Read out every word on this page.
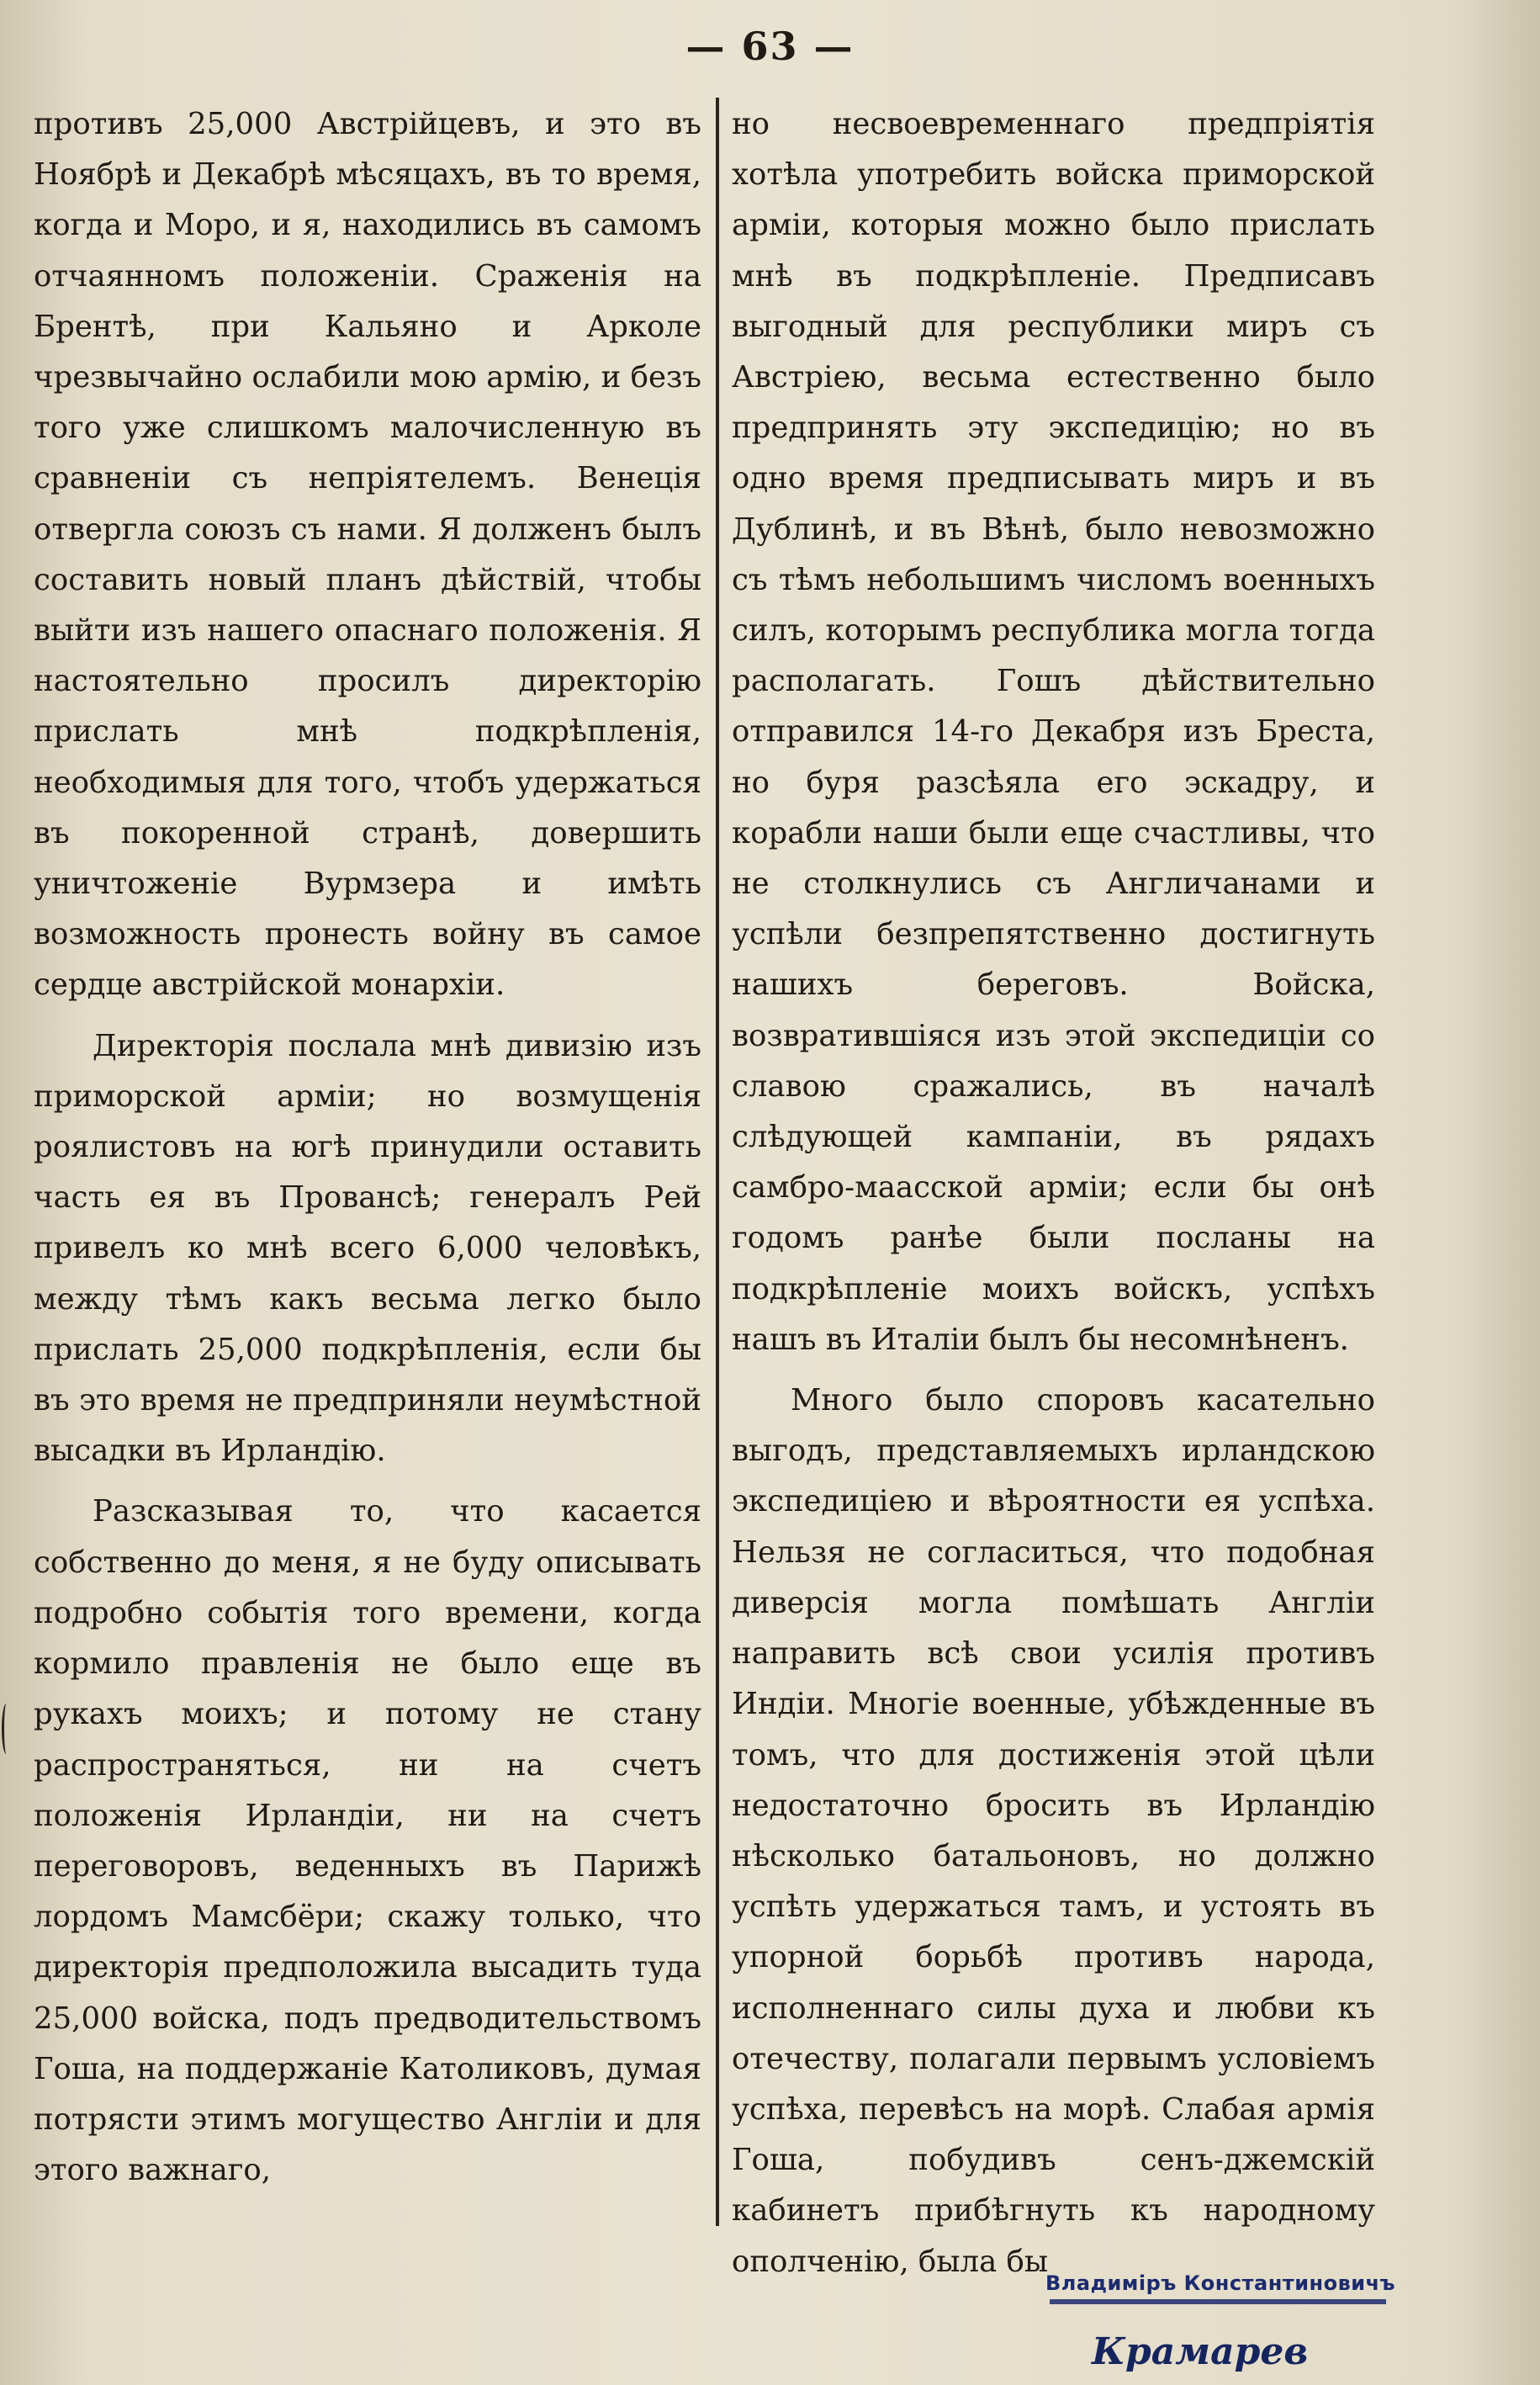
— 63 —

противъ 25,000 Австрійцевъ, и это въ Ноябрѣ и Декабрѣ мѣсяцахъ, въ то время, когда и Моро, и я, находились въ самомъ отчаянномъ положеніи. Сраженія на Брентѣ, при Кальяно и Арколе чрезвычайно ослабили мою армію, и безъ того уже слишкомъ малочисленную въ сравненіи съ непріятелемъ. Венеція отвергла союзъ съ нами. Я долженъ былъ составить новый планъ дѣйствій, чтобы выйти изъ нашего опаснаго положенія. Я настоятельно просилъ директорію прислать мнѣ подкрѣпленія, необходимыя для того, чтобъ удержаться въ покоренной странѣ, довершить уничтоженіе Вурмзера и имѣть возможность пронесть войну въ самое сердце австрійской монархіи.

Директорія послала мнѣ дивизію изъ приморской арміи; но возмущенія роялистовъ на югѣ принудили оставить часть ея въ Провансѣ; генералъ Рей привелъ ко мнѣ всего 6,000 человѣкъ, между тѣмъ какъ весьма легко было прислать 25,000 подкрѣпленія, если бы въ это время не предприняли неумѣстной высадки въ Ирландію.

Разсказывая то, что касается собственно до меня, я не буду описывать подробно событія того времени, когда кормило правленія не было еще въ рукахъ моихъ; и потому не стану распространяться, ни на счетъ положенія Ирландіи, ни на счетъ переговоровъ, веденныхъ въ Парижѣ лордомъ Мамсбёри; скажу только, что директорія предположила высадить туда 25,000 войска, подъ предводительствомъ Гоша, на поддержаніе Католиковъ, думая потрясти этимъ могущество Англіи и для этого важнаго,

но несвоевременнаго предпріятія хотѣла употребить войска приморской арміи, которыя можно было прислать мнѣ въ подкрѣпленіе. Предписавъ выгодный для республики миръ съ Австріею, весьма естественно было предпринять эту экспедицію; но въ одно время предписывать миръ и въ Дублинѣ, и въ Вѣнѣ, было невозможно съ тѣмъ небольшимъ числомъ военныхъ силъ, которымъ республика могла тогда располагать. Гошъ дѣйствительно отправился 14-го Декабря изъ Бреста, но буря разсѣяла его эскадру, и корабли наши были еще счастливы, что не столкнулись съ Англичанами и успѣли безпрепятственно достигнуть нашихъ береговъ. Войска, возвратившіяся изъ этой экспедиціи со славою сражались, въ началѣ слѣдующей кампаніи, въ рядахъ самбро-маасской арміи; если бы онѣ годомъ ранѣе были посланы на подкрѣпленіе моихъ войскъ, успѣхъ нашъ въ Италіи былъ бы несомнѣненъ.

Много было споровъ касательно выгодъ, представляемыхъ ирландскою экспедиціею и вѣроятности ея успѣха. Нельзя не согласиться, что подобная диверсія могла помѣшать Англіи направить всѣ свои усилія противъ Индіи. Многіе военные, убѣжденные въ томъ, что для достиженія этой цѣли недостаточно бросить въ Ирландію нѣсколько батальоновъ, но должно успѣть удержаться тамъ, и устоять въ упорной борьбѣ противъ народа, исполненнаго силы духа и любви къ отечеству, полагали первымъ условіемъ успѣха, перевѣсъ на морѣ. Слабая армія Гоша, побудивъ сенъ-джемскій кабинетъ прибѣгнуть къ народному ополченію, была бы

Владиміръ Константиновичъ
Крамарев
